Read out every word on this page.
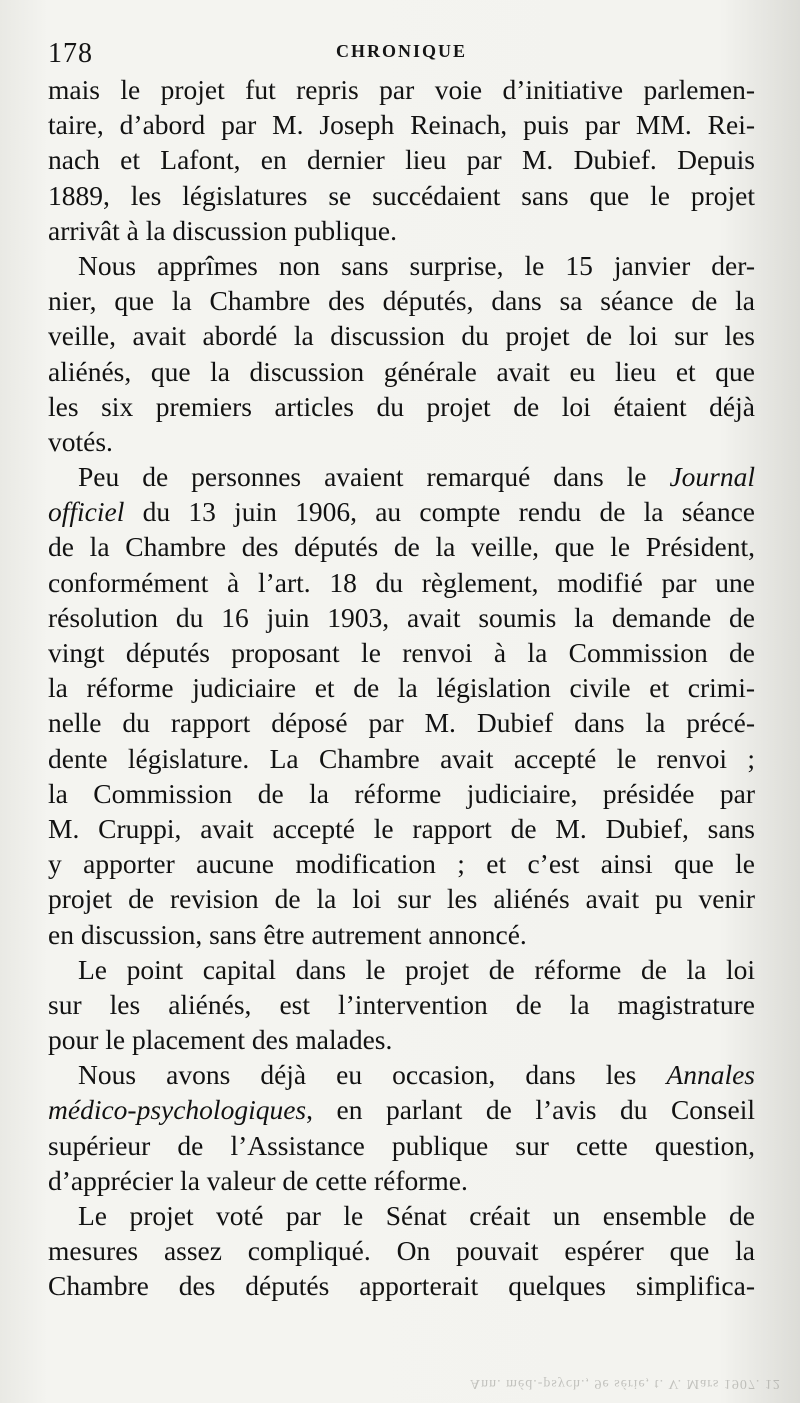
178	CHRONIQUE

mais le projet fut repris par voie d’initiative parlemen-
taire, d’abord par M. Joseph Reinach, puis par MM. Rei-
nach et Lafont, en dernier lieu par M. Dubief. Depuis
1889, les législatures se succédaient sans que le projet
arrivât à la discussion publique.

Nous apprîmes non sans surprise, le 15 janvier der-
nier, que la Chambre des députés, dans sa séance de la
veille, avait abordé la discussion du projet de loi sur les
aliénés, que la discussion générale avait eu lieu et que
les six premiers articles du projet de loi étaient déjà
votés.

Peu de personnes avaient remarqué dans le Journal
officiel du 13 juin 1906, au compte rendu de la séance
de la Chambre des députés de la veille, que le Président,
conformément à l’art. 18 du règlement, modifié par une
résolution du 16 juin 1903, avait soumis la demande de
vingt députés proposant le renvoi à la Commission de
la réforme judiciaire et de la législation civile et crimi-
nelle du rapport déposé par M. Dubief dans la précé-
dente législature. La Chambre avait accepté le renvoi ;
la Commission de la réforme judiciaire, présidée par
M. Cruppi, avait accepté le rapport de M. Dubief, sans
y apporter aucune modification ; et c’est ainsi que le
projet de revision de la loi sur les aliénés avait pu venir
en discussion, sans être autrement annoncé.

Le point capital dans le projet de réforme de la loi
sur les aliénés, est l’intervention de la magistrature
pour le placement des malades.

Nous avons déjà eu occasion, dans les Annales
médico-psychologiques, en parlant de l’avis du Conseil
supérieur de l’Assistance publique sur cette question,
d’apprécier la valeur de cette réforme.

Le projet voté par le Sénat créait un ensemble de
mesures assez compliqué. On pouvait espérer que la
Chambre des députés apporterait quelques simplifica-

Ann. méd.-psych., 9e série, t. V. Mars 1907. 12
